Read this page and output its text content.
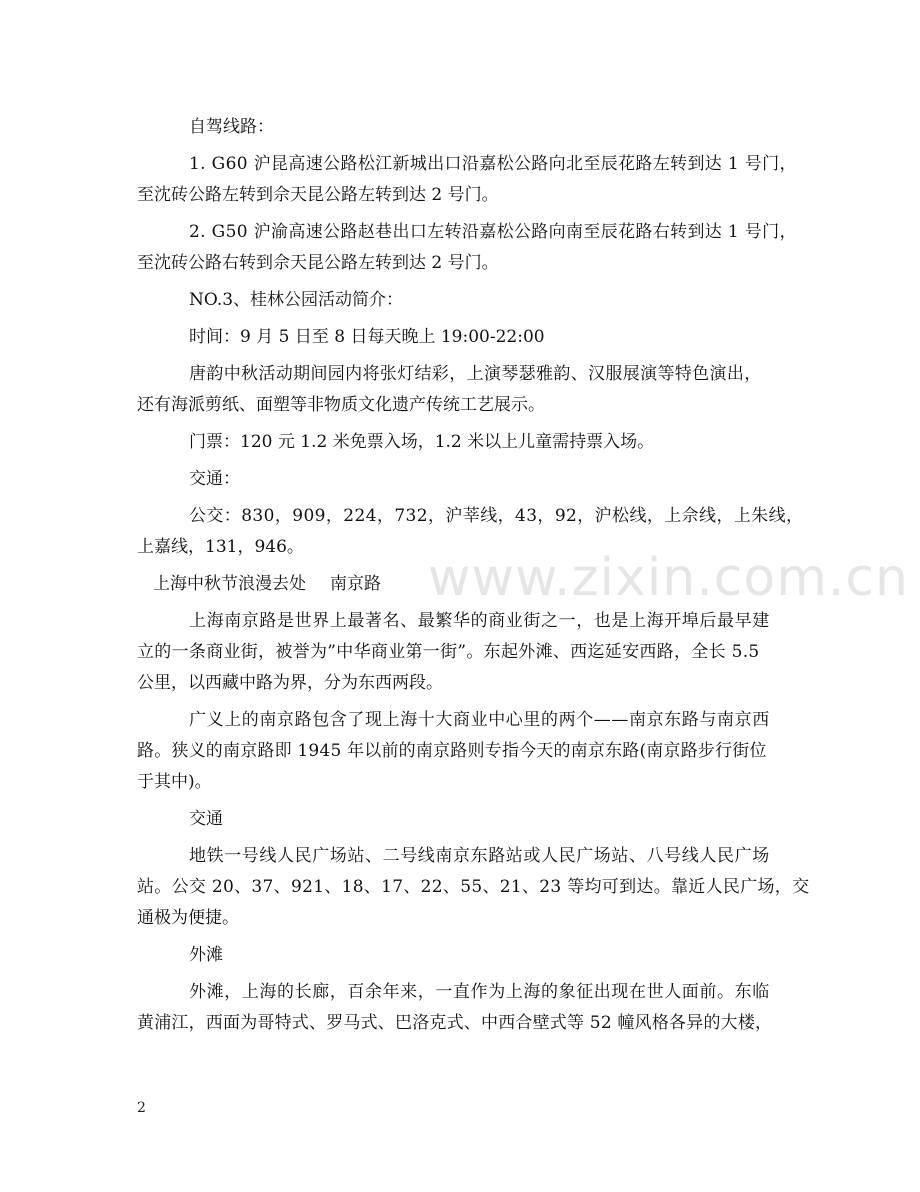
自驾线路：
1. G60 沪昆高速公路松江新城出口沿嘉松公路向北至辰花路左转到达 1 号门，
至沈砖公路左转到佘天昆公路左转到达 2 号门。
2. G50 沪渝高速公路赵巷出口左转沿嘉松公路向南至辰花路右转到达 1 号门，
至沈砖公路右转到佘天昆公路左转到达 2 号门。
NO.3、桂林公园活动简介：
时间：9 月 5 日至 8 日每天晚上 19:00-22:00
唐韵中秋活动期间园内将张灯结彩，上演琴瑟雅韵、汉服展演等特色演出，
还有海派剪纸、面塑等非物质文化遗产传统工艺展示。
门票：120 元 1.2 米免票入场，1.2 米以上儿童需持票入场。
交通：
公交：830，909，224，732，沪莘线，43，92，沪松线，上佘线，上朱线，
上嘉线，131，946。
上海中秋节浪漫去处 南京路
上海南京路是世界上最著名、最繁华的商业街之一，也是上海开埠后最早建
立的一条商业街，被誉为”中华商业第一街”。东起外滩、西迄延安西路，全长 5.5
公里，以西藏中路为界，分为东西两段。
广义上的南京路包含了现上海十大商业中心里的两个——南京东路与南京西
路。狭义的南京路即 1945 年以前的南京路则专指今天的南京东路(南京路步行街位
于其中)。
交通
地铁一号线人民广场站、二号线南京东路站或人民广场站、八号线人民广场
站。公交 20、37、921、18、17、22、55、21、23 等均可到达。靠近人民广场，交
通极为便捷。
外滩
外滩，上海的长廊，百余年来，一直作为上海的象征出现在世人面前。东临
黄浦江，西面为哥特式、罗马式、巴洛克式、中西合壁式等 52 幢风格各异的大楼，
www.zixin.com.cn
2
